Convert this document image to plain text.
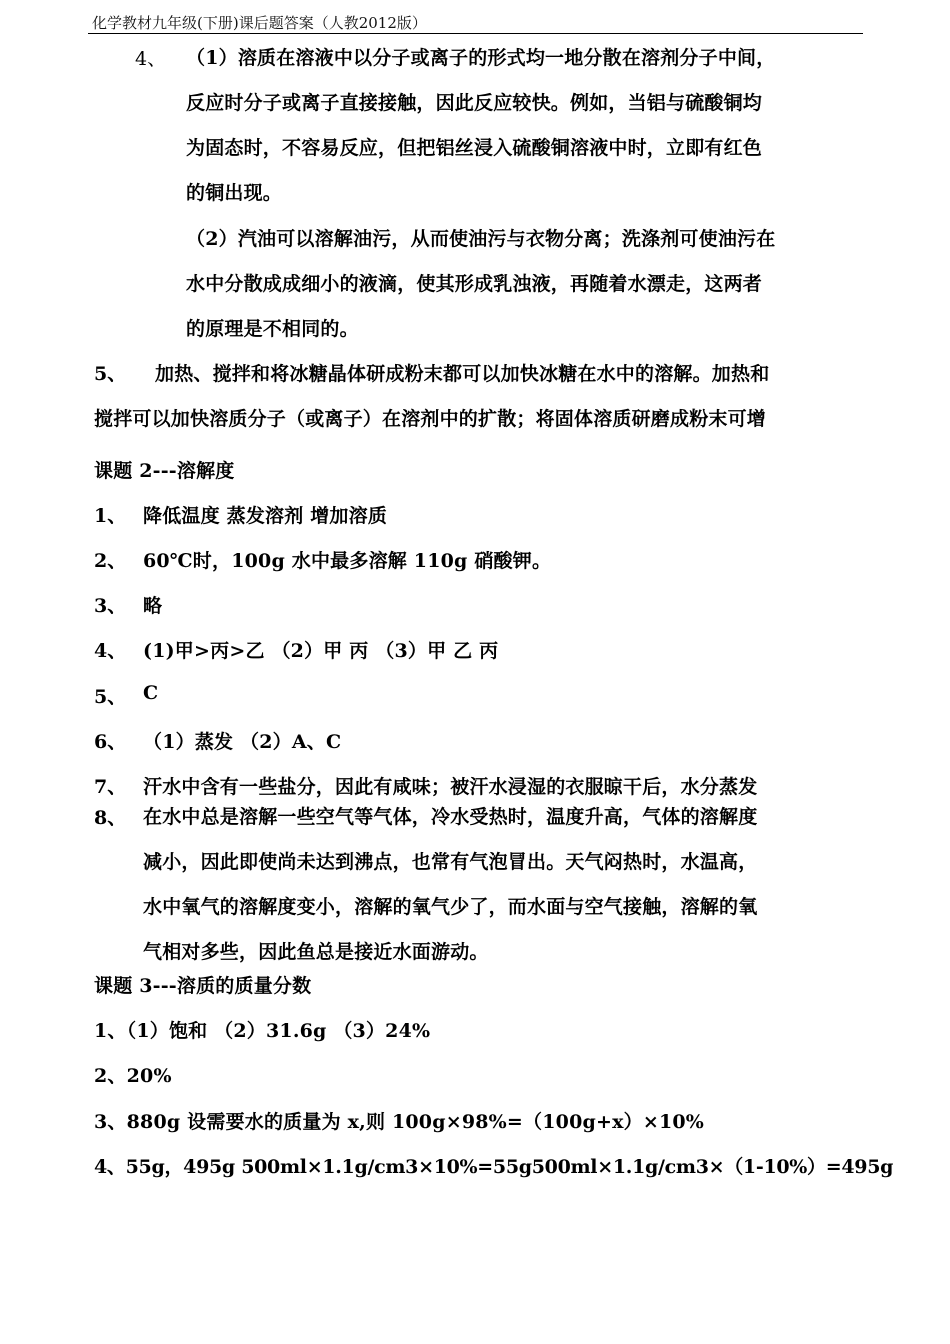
化学教材九年级(下册)课后题答案（人教2012版）
4、 （1）溶质在溶液中以分子或离子的形式均一地分散在溶剂分子中间，
反应时分子或离子直接接触，因此反应较快。例如，当铝与硫酸铜均
为固态时，不容易反应，但把铝丝浸入硫酸铜溶液中时，立即有红色
的铜出现。
（2）汽油可以溶解油污，从而使油污与衣物分离；洗涤剂可使油污在
水中分散成成细小的液滴，使其形成乳浊液，再随着水漂走，这两者
的原理是不相同的。
5、 加热、搅拌和将冰糖晶体研成粉末都可以加快冰糖在水中的溶解。加热和
搅拌可以加快溶质分子（或离子）在溶剂中的扩散；将固体溶质研磨成粉末可增
课题 2---溶解度
1、 降低温度 蒸发溶剂 增加溶质
2、 60℃时，100g 水中最多溶解 110g 硝酸钾。
3、 略
4、 (1)甲>丙>乙 （2）甲 丙 （3）甲 乙 丙
5、 C
6、 （1）蒸发 （2）A、C
7、 汗水中含有一些盐分，因此有咸味；被汗水浸湿的衣服晾干后，水分蒸发
8、 在水中总是溶解一些空气等气体，冷水受热时，温度升高，气体的溶解度
减小，因此即使尚未达到沸点，也常有气泡冒出。天气闷热时，水温高，
水中氧气的溶解度变小，溶解的氧气少了，而水面与空气接触，溶解的氧
气相对多些，因此鱼总是接近水面游动。
课题 3---溶质的质量分数
1、（1）饱和 （2）31.6g （3）24%
2、20%
3、880g 设需要水的质量为 x,则 100g×98%=（100g+x）×10%
4、55g，495g 500ml×1.1g/cm3×10%=55g500ml×1.1g/cm3×（1-10%）=495g
